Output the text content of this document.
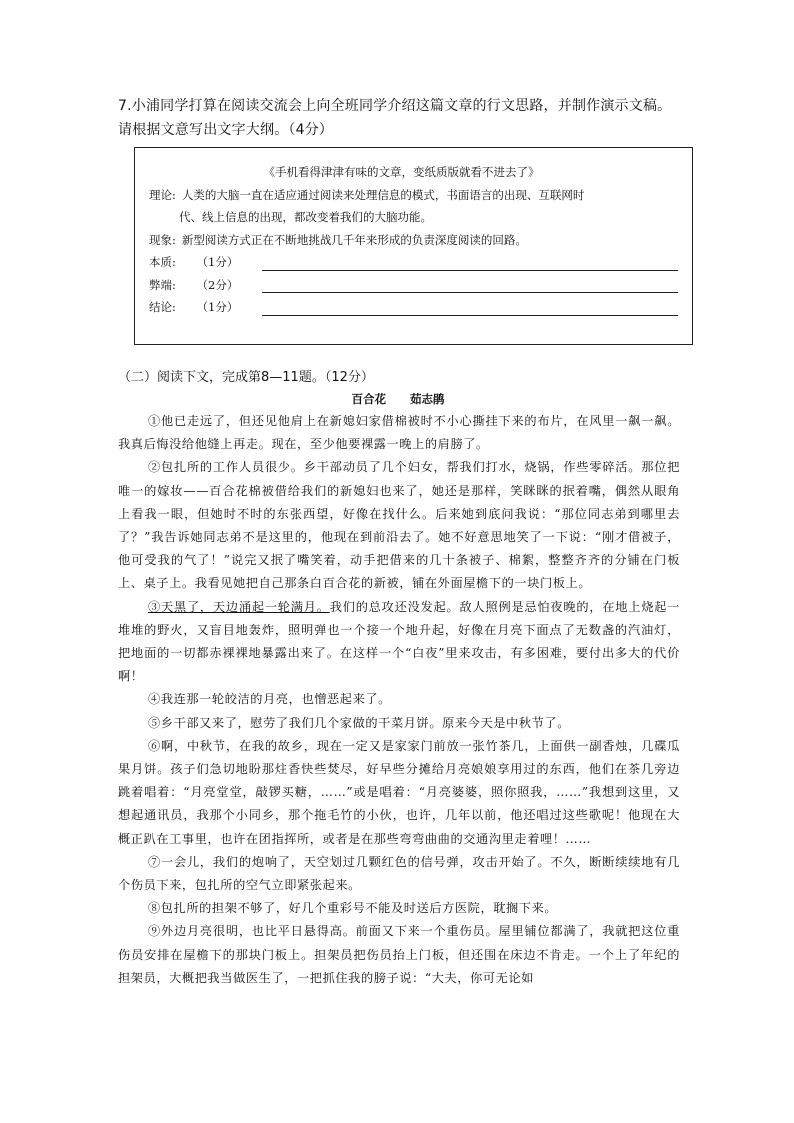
7.小浦同学打算在阅读交流会上向全班同学介绍这篇文章的行文思路，并制作演示文稿。请根据文意写出文字大纲。（4分）
《手机看得津津有味的文章，变纸质版就看不进去了》
理论: 人类的大脑一直在适应通过阅读来处理信息的模式，书面语言的出现、互联网时
代、线上信息的出现，都改变着我们的大脑功能。
现象: 新型阅读方式正在不断地挑战几千年来形成的负责深度阅读的回路。
本质:	（1分）
弊端:	（2分）
结论:	（1分）
（二）阅读下文，完成第8—11题。（12分）
百合花 茹志鹃

①他已走远了，但还见他肩上在新媳妇家借棉被时不小心撕挂下来的布片，在风里一飙一飙。我真后悔没给他缝上再走。现在，至少他要裸露一晚上的肩膀了。

②包扎所的工作人员很少。乡干部动员了几个妇女，帮我们打水，烧锅，作些零碎活。那位把唯一的嫁妆——百合花棉被借给我们的新媳妇也来了，她还是那样，笑眯眯的抿着嘴，偶然从眼角上看我一眼，但她时不时的东张西望，好像在找什么。后来她到底问我说：“那位同志弟到哪里去了？”我告诉她同志弟不是这里的，他现在到前沿去了。她不好意思地笑了一下说：“刚才借被子，他可受我的气了！”说完又抿了嘴笑着，动手把借来的几十条被子、棉絮，整整齐齐的分铺在门板上、桌子上。我看见她把自己那条白百合花的新被，铺在外面屋檐下的一块门板上。

③天黑了，天边涌起一轮满月。我们的总攻还没发起。敌人照例是忌怕夜晚的，在地上烧起一堆堆的野火，又盲目地轰炸，照明弹也一个接一个地升起，好像在月亮下面点了无数盏的汽油灯，把地面的一切都赤裸裸地暴露出来了。在这样一个“白夜”里来攻击，有多困难，要付出多大的代价啊！

④我连那一轮皎洁的月亮，也憎恶起来了。

⑤乡干部又来了，慰劳了我们几个家做的干菜月饼。原来今天是中秋节了。

⑥啊，中秋节，在我的故乡，现在一定又是家家门前放一张竹茶几，上面供一副香烛，几碟瓜果月饼。孩子们急切地盼那炷香快些焚尽，好早些分摊给月亮娘娘享用过的东西，他们在茶几旁边跳着唱着：“月亮堂堂，敲锣买糖，……”或是唱着：“月亮婆婆，照你照我，……”我想到这里，又想起通讯员，我那个小同乡，那个拖毛竹的小伙，也许，几年以前，他还唱过这些歌呢！他现在大概正趴在工事里，也许在团指挥所，或者是在那些弯弯曲曲的交通沟里走着哩！……

⑦一会儿，我们的炮响了，天空划过几颗红色的信号弹，攻击开始了。不久，断断续续地有几个伤员下来，包扎所的空气立即紧张起来。

⑧包扎所的担架不够了，好几个重彩号不能及时送后方医院，耽搁下来。

⑨外边月亮很明，也比平日悬得高。前面又下来一个重伤员。屋里铺位都满了，我就把这位重伤员安排在屋檐下的那块门板上。担架员把伤员抬上门板，但还围在床边不肯走。一个上了年纪的担架员，大概把我当做医生了，一把抓住我的膀子说：“大夫，你可无论如
